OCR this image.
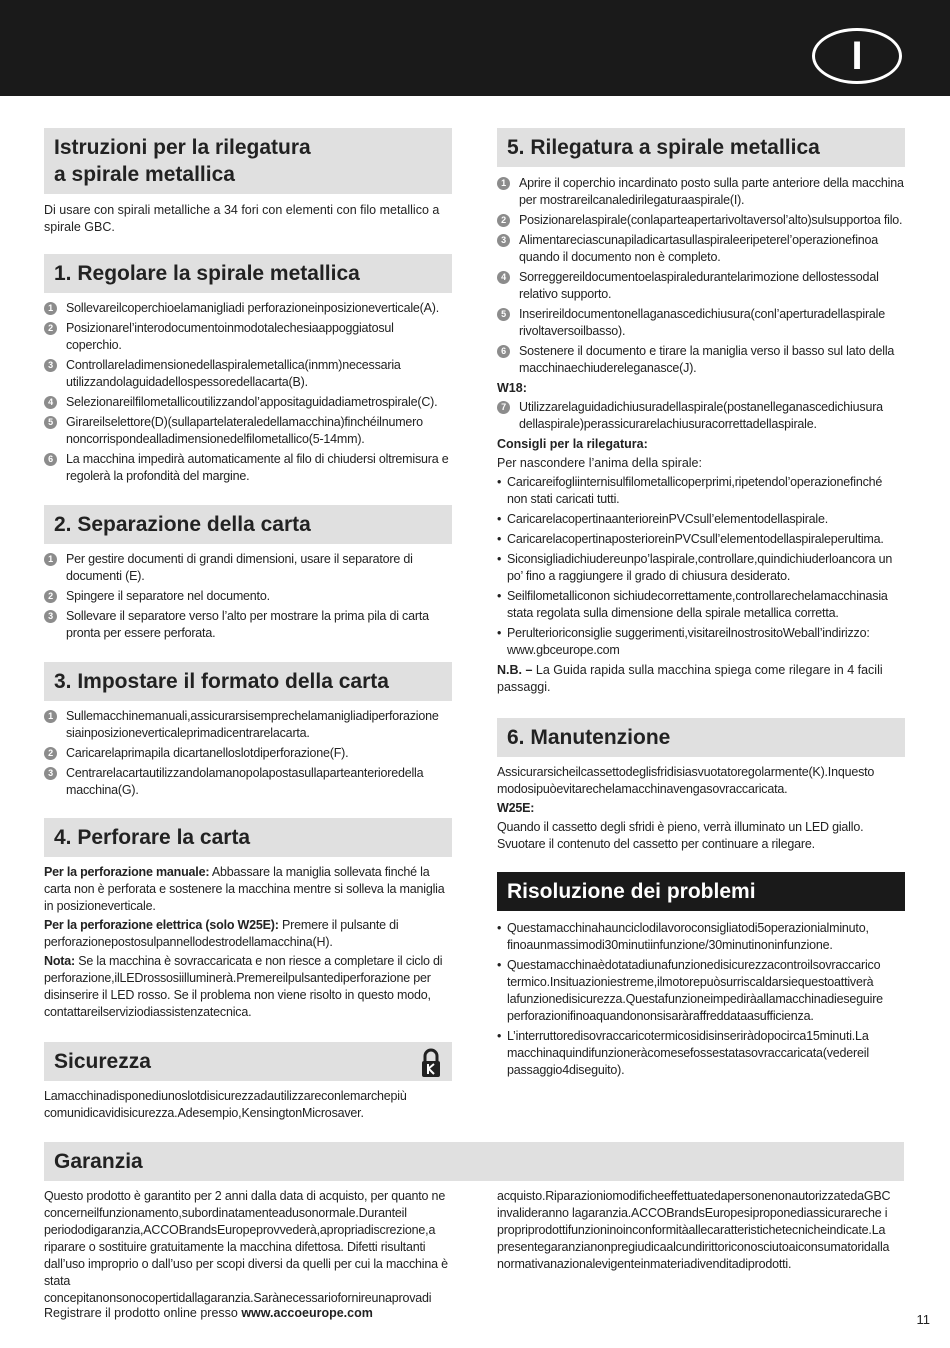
I
Istruzioni per la rilegatura
a spirale metallica
Di usare con spirali metalliche a 34 fori con elementi con filo metallico a spirale GBC.
1. Regolare la spirale metallica
1	Sollevareilcoperchioelamanigliadi perforazioneinposizioneverticale(A).
2	Posizionarel’interodocumentoinmodotalechesiaappoggiatosul coperchio.
3	Controllareladimensionedellaspiralemetallica(inmm)necessaria utilizzandolaguidadellospessoredellacarta(B).
4	Selezionareilfilometallicoutilizzandol’appositaguidadiametrospirale(C).
5	Girareilselettore(D)(sullapartelateraledellamacchina)finchéilnumero noncorrispondealladimensionedelfilometallico(5-14mm).
6	La macchina impedirà automaticamente al filo di chiudersi oltremisura e regolerà la profondità del margine.
2. Separazione della carta
1	Per gestire documenti di grandi dimensioni, usare il separatore di documenti (E).
2	Spingere il separatore nel documento.
3	Sollevare il separatore verso l’alto per mostrare la prima pila di carta pronta per essere perforata.
3. Impostare il formato della carta
1	Sullemacchinemanuali,assicurarsisemprechelamanigliadiperforazione siainposizioneverticaleprimadicentrarelacarta.
2	Caricarelaprimapila dicartanelloslotdiperforazione(F).
3	Centrarelacartautilizzandolamanopolapostasullaparteanterioredella macchina(G).
4. Perforare la carta

Per la perforazione manuale: Abbassare la maniglia sollevata finché la carta non è perforata e sostenere la macchina mentre si solleva la maniglia in posizioneverticale.

Per la perforazione elettrica (solo W25E): Premere il pulsante di perforazionepostosulpannellodestrodellamacchina(H).

Nota: Se la macchina è sovraccaricata e non riesce a completare il ciclo di perforazione,ilLEDrossosiilluminerà.Premereilpulsantediperforazione per disinserire il LED rosso. Se il problema non viene risolto in questo modo, contattareilserviziodiassistenzatecnica.

Sicurezza
Lamacchinadisponediunoslotdisicurezzadautilizzareconlemarchepiù comunidicavidisicurezza.Adesempio,KensingtonMicrosaver.
5. Rilegatura a spirale metallica
1	Aprire il coperchio incardinato posto sulla parte anteriore della macchina per mostrareilcanaledirilegaturaaspirale(I).
2	Posizionarelaspirale(conlaparteapertarivoltaversol’alto)sulsupportoa filo.
3	Alimentareciascunapiladicartasullaspiraleeripeterel’operazionefinoa quando il documento non è completo.
4	Sorreggereildocumentoelaspiraledurantelarimozione dellostessodal relativo supporto.
5	Inserireildocumentonellaganascedichiusura(conl’aperturadellaspirale rivoltaversoilbasso).
6	Sostenere il documento e tirare la maniglia verso il basso sul lato della macchinaechiudereleganasce(J).

W18:

7	Utilizzarelaguidadichiusuradellaspirale(postanelleganascedichiusura dellaspirale)perassicurarelachiusuracorrettadellaspirale.

Consigli per la rilegatura:

Per nascondere l’anima della spirale:

• Caricareifogliinternisulfilometallicoperprimi,ripetendol’operazionefinché non stati caricati tutti.
• CaricarelacopertinaanteriorеinPVCsull’elementodellaspirale.
• CaricarelacopertinaposterioreinPVCsull’elementodellaspiraleperultima.
• Siconsigliadichiudereunpo’laspirale,controllare,quindichiuderloancora un po’ fino a raggiungere il grado di chiusura desiderato.
• Seilfilometalliconon sichiudecorrettamente,controllarechelamacchinasia stata regolata sulla dimensione della spirale metallica corretta.
• Perulterioriconsiglie suggerimenti,visitareilnostrositoWeball’indirizzo: www.gbceurope.com

N.B. – La Guida rapida sulla macchina spiega come rilegare in 4 facili passaggi.

6. Manutenzione

Assicurarsicheilcassettodeglisfridisiasvuotatoregolarmente(K).Inquesto modosipuòevitarechelamacchinavengasovraccaricata.

W25E:

Quando il cassetto degli sfridi è pieno, verrà illuminato un LED giallo. Svuotare il contenuto del cassetto per continuare a rilegare.

Risoluzione dei problemi
• Questamacchinahaunciclodilavoroconsigliatodi5operazionialminuto, finoaunmassimodi30minutiinfunzione/30minutinoninfunzione.
• Questamacchinaèdotatadiunafunzionedisicurezzacontroilsovraccarico termico.Insituazioniestreme,ilmotorepuòsurriscaldarsiequestoattiverà lafunzionedisicurezza.Questafunzioneimpediràallamacchinadieseguire perforazionifinoaquandononsisaràraffreddataasufficienza.
• L’interruttoredisovraccaricotermicosidisinseriràdopocirca15minuti.La macchinaquindifunzioneràcomesefossestatasovraccaricata(vedereil passaggio4diseguito).
Garanzia
Questo prodotto è garantito per 2 anni dalla data di acquisto, per quanto ne concerneilfunzionamento,subordinatamenteadusonormale.Duranteil periododigaranzia,ACCOBrandsEuropeprovvederà,apropriadiscrezione,a riparare o sostituire gratuitamente la macchina difettosa. Difetti risultanti dall’uso improprio o dall’uso per scopi diversi da quelli per cui la macchina è stata concepitanonsonocopertidallagaranzia.Sarànecessariofornireunaprovadi
acquisto.RiparazioniomodificheeffettuatedapersonenonautorizzatedaGBC invalideranno lagaranzia.ACCOBrandsEuropesiproponediassicurareche i propriprodottifunzioninoinconformitàallecaratteristichetecnicheindicate.La presentegaranzianonpregiudicaalcundirittoriconosciutoaiconsumatoridalla normativanazionalevigenteinmateriadivenditadiprodotti.
Registrare il prodotto online presso www.accoeurope.com	11
